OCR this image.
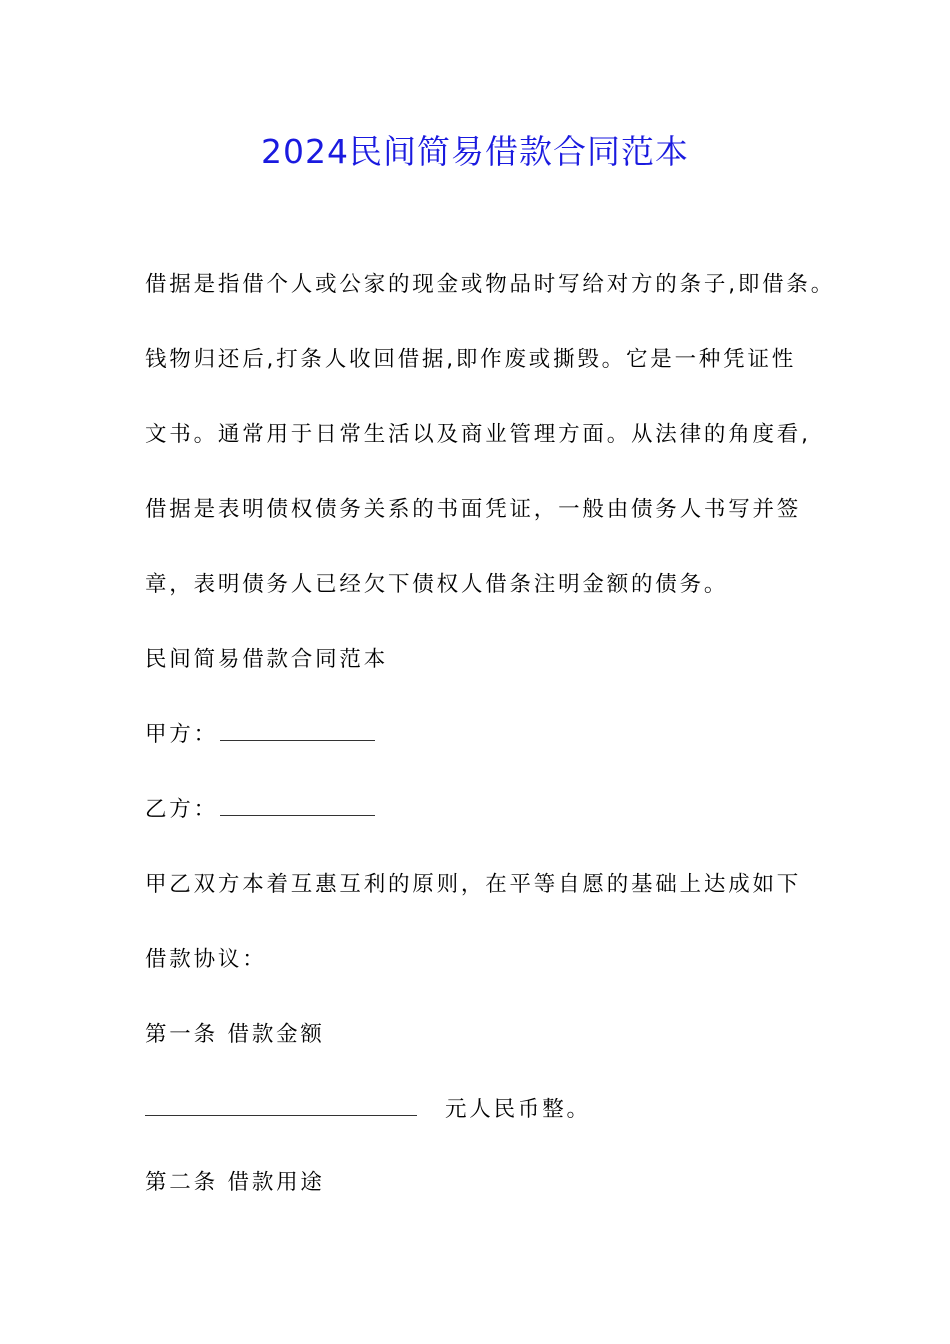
2024民间简易借款合同范本
借据是指借个人或公家的现金或物品时写给对方的条子,即借条。
钱物归还后,打条人收回借据,即作废或撕毁。它是一种凭证性
文书。通常用于日常生活以及商业管理方面。从法律的角度看,
借据是表明债权债务关系的书面凭证，一般由债务人书写并签
章，表明债务人已经欠下债权人借条注明金额的债务。
民间简易借款合同范本
甲方：
乙方：
甲乙双方本着互惠互利的原则，在平等自愿的基础上达成如下
借款协议：
第一条 借款金额
元人民币整。
第二条 借款用途
